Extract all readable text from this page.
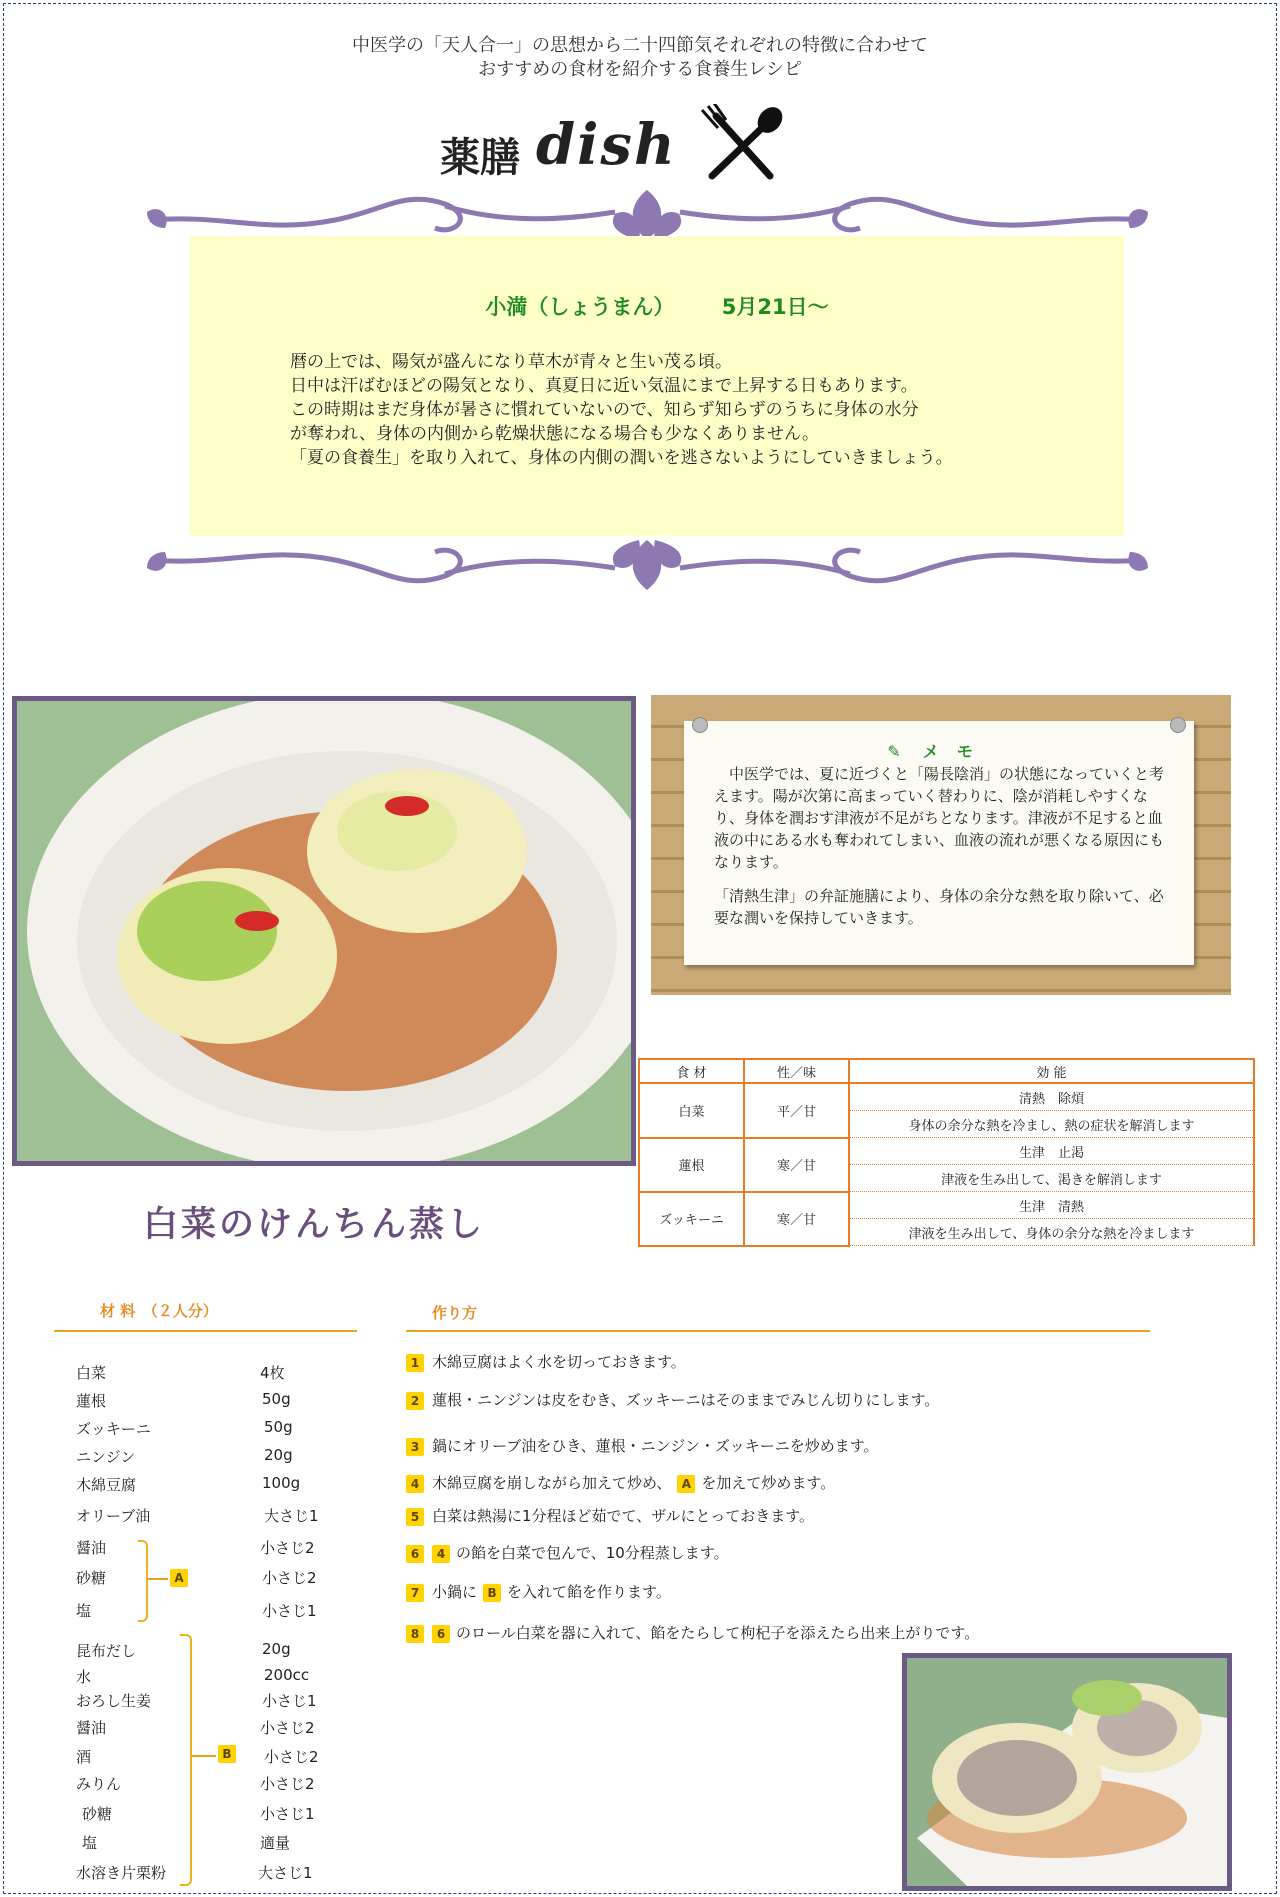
中医学の「天人合一」の思想から二十四節気それぞれの特徴に合わせて
おすすめの食材を紹介する食養生レシピ
薬膳 dish
小満（しょうまん） 5月21日～
暦の上では、陽気が盛んになり草木が青々と生い茂る頃。
日中は汗ばむほどの陽気となり、真夏日に近い気温にまで上昇する日もあります。
この時期はまだ身体が暑さに慣れていないので、知らず知らずのうちに身体の水分
が奪われ、身体の内側から乾燥状態になる場合も少なくありません。
「夏の食養生」を取り入れて、身体の内側の潤いを逃さないようにしていきましょう。
✎ メモ

　中医学では、夏に近づくと「陽長陰消」の状態になっていくと考えます。陽が次第に高まっていく替わりに、陰が消耗しやすくなり、身体を潤おす津液が不足がちとなります。津液が不足すると血液の中にある水も奪われてしまい、血液の流れが悪くなる原因にもなります。

「清熱生津」の弁証施膳により、身体の余分な熱を取り除いて、必要な潤いを保持していきます。

食 材	性／味	効 能
白菜	平／甘	清熱　除煩
		身体の余分な熱を冷まし、熱の症状を解消します
蓮根	寒／甘	生津　止渇
		津液を生み出して、渇きを解消します
ズッキーニ	寒／甘	生津　清熱
		津液を生み出して、身体の余分な熱を冷まします
白菜のけんちん蒸し
材 料　（２人分）
白菜	4枚
蓮根	50g
ズッキーニ	50g
ニンジン	20g
木綿豆腐	100g
オリーブ油	大さじ1
醤油	小さじ2
砂糖	小さじ2
塩	小さじ1
昆布だし	20g
水	200cc
おろし生姜	小さじ1
醤油	小さじ2
酒	小さじ2
みりん	小さじ2
砂糖	小さじ1
塩	適量
水溶き片栗粉	大さじ1
A
B
作り方
1 木綿豆腐はよく水を切っておきます。
2 蓮根・ニンジンは皮をむき、ズッキーニはそのままでみじん切りにします。
3 鍋にオリーブ油をひき、蓮根・ニンジン・ズッキーニを炒めます。
4 木綿豆腐を崩しながら加えて炒め、 A を加えて炒めます。
5 白菜は熱湯に1分程ほど茹でて、ザルにとっておきます。
6 4 の餡を白菜で包んで、10分程蒸します。
7 小鍋に B を入れて餡を作ります。
8 6 のロール白菜を器に入れて、餡をたらして枸杞子を添えたら出来上がりです。
